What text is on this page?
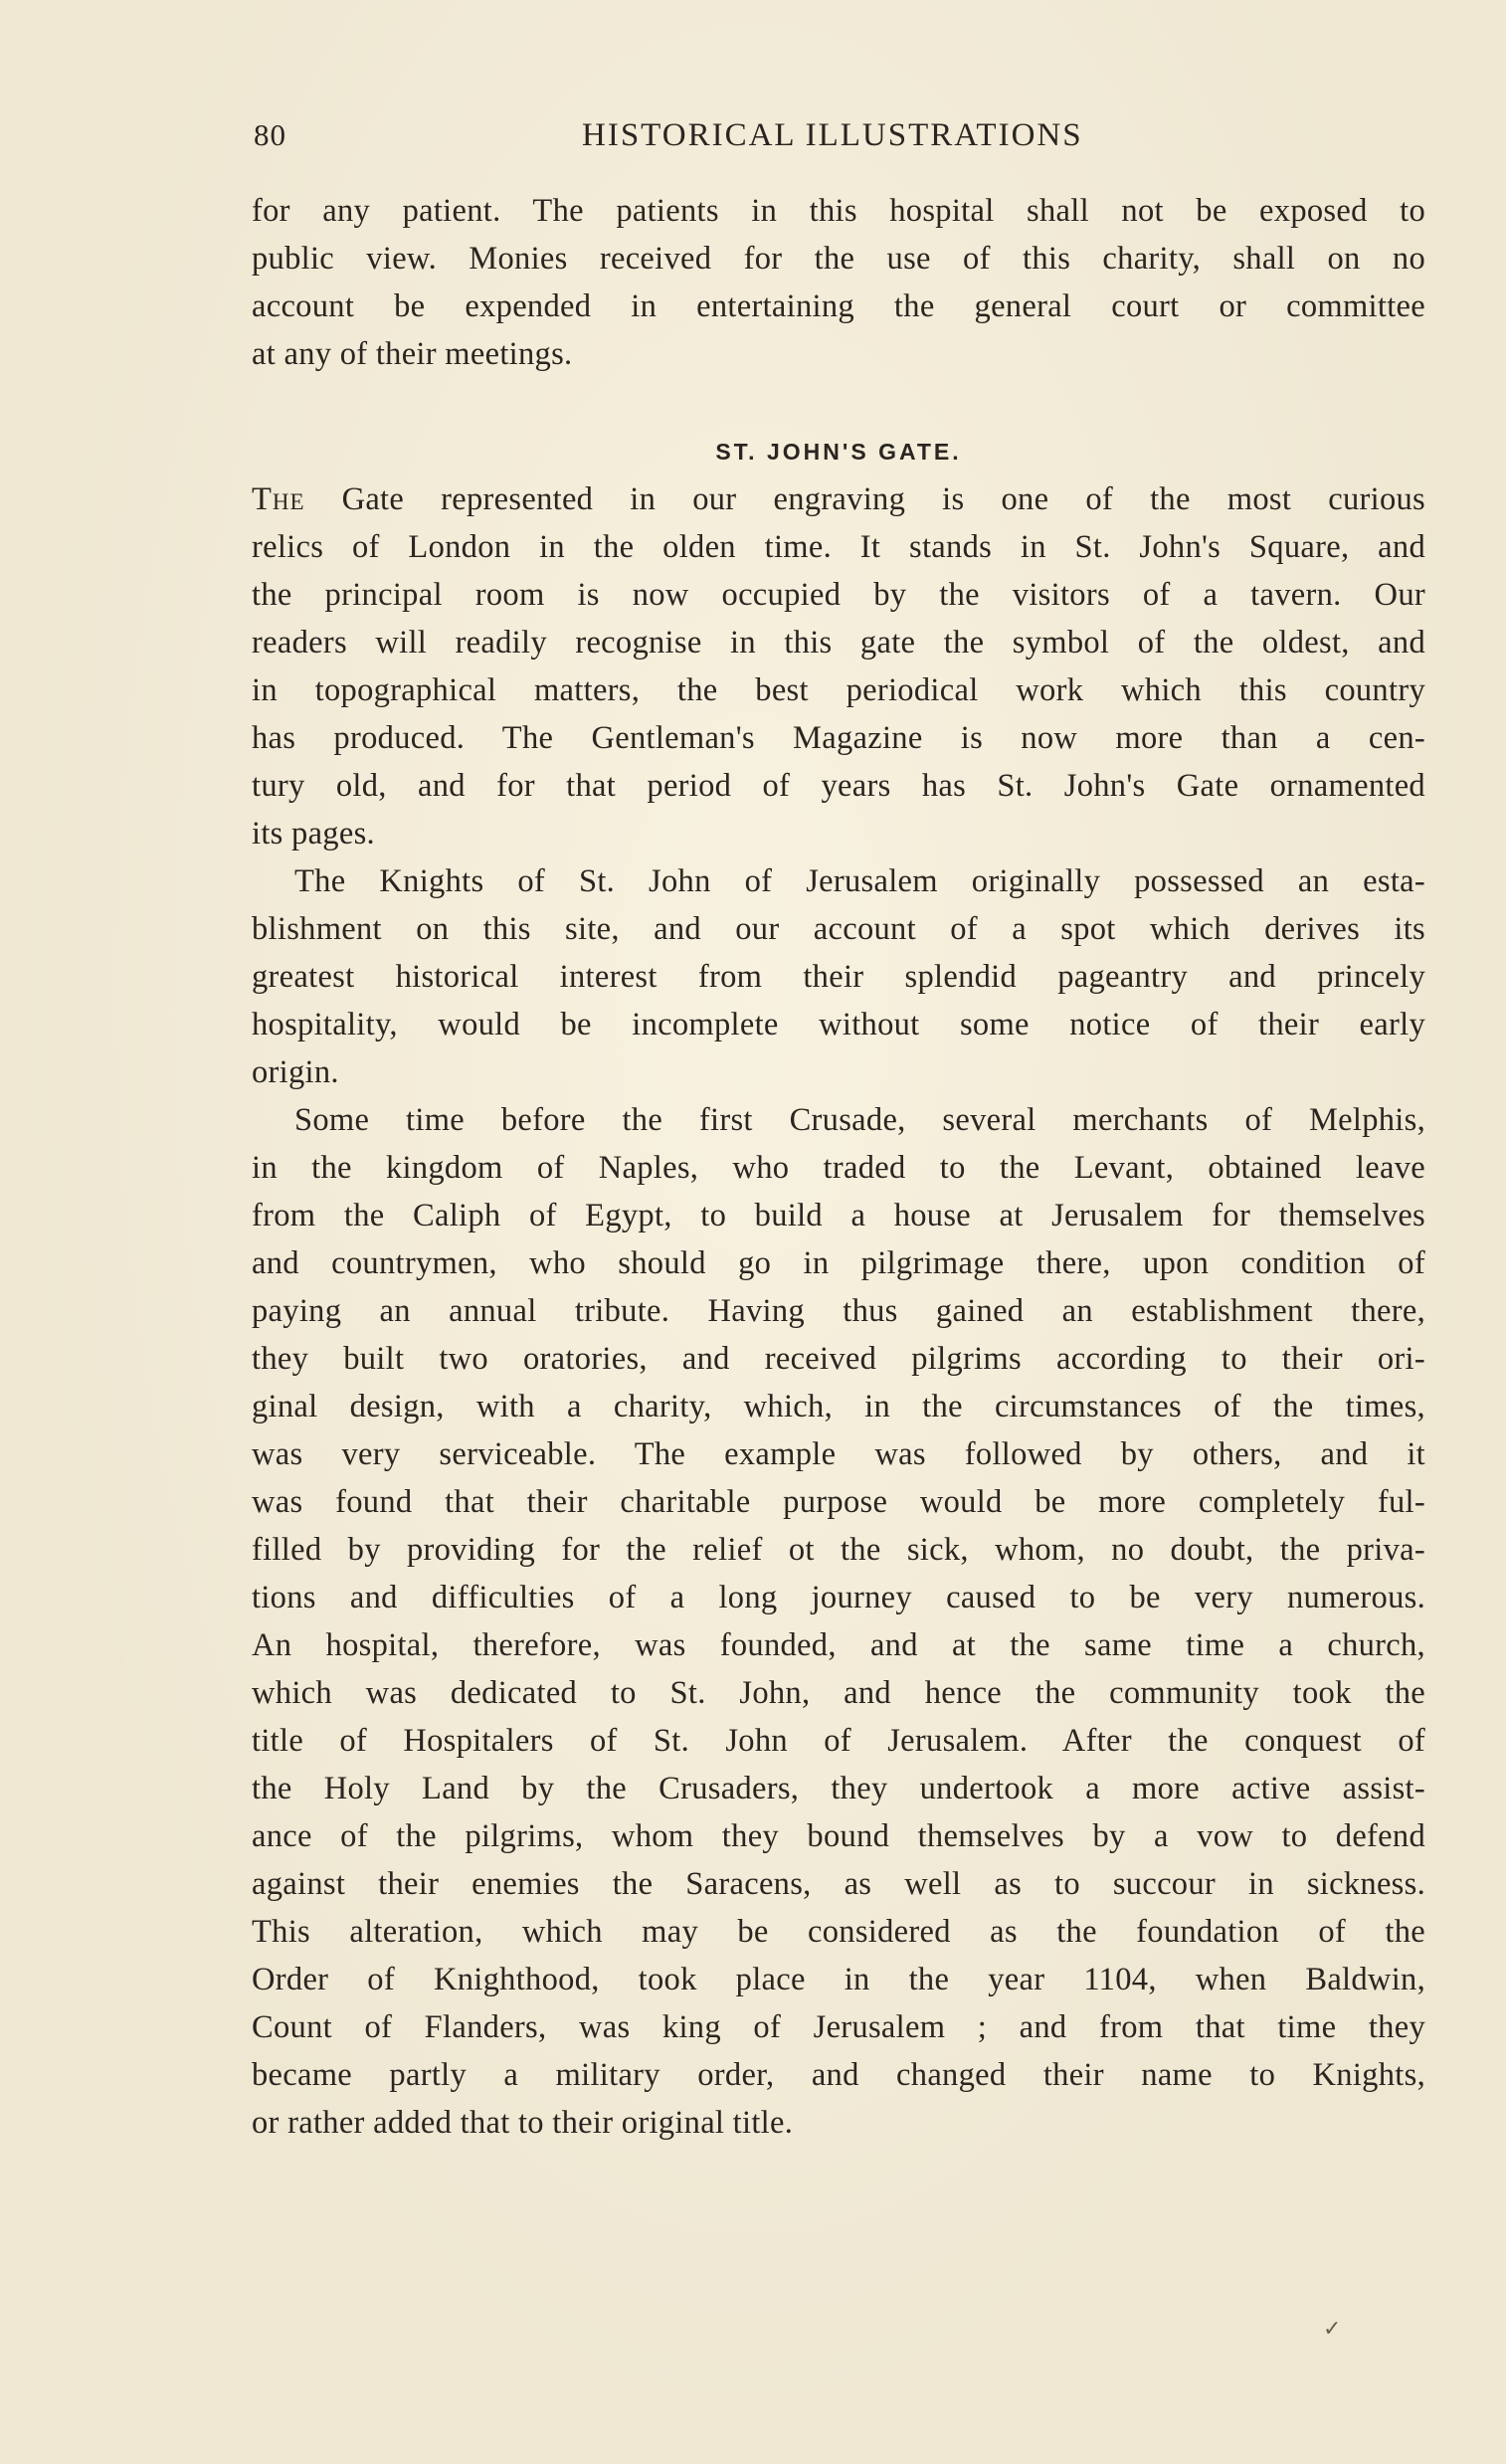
80	HISTORICAL ILLUSTRATIONS
for any patient. The patients in this hospital shall not be exposed to
public view. Monies received for the use of this charity, shall on no
account be expended in entertaining the general court or committee
at any of their meetings.
ST. JOHN'S GATE.
The Gate represented in our engraving is one of the most curious
relics of London in the olden time. It stands in St. John's Square, and
the principal room is now occupied by the visitors of a tavern. Our
readers will readily recognise in this gate the symbol of the oldest, and
in topographical matters, the best periodical work which this country
has produced. The Gentleman's Magazine is now more than a cen-
tury old, and for that period of years has St. John's Gate ornamented
its pages.
The Knights of St. John of Jerusalem originally possessed an esta-
blishment on this site, and our account of a spot which derives its
greatest historical interest from their splendid pageantry and princely
hospitality, would be incomplete without some notice of their early
origin.
Some time before the first Crusade, several merchants of Melphis,
in the kingdom of Naples, who traded to the Levant, obtained leave
from the Caliph of Egypt, to build a house at Jerusalem for themselves
and countrymen, who should go in pilgrimage there, upon condition of
paying an annual tribute. Having thus gained an establishment there,
they built two oratories, and received pilgrims according to their ori-
ginal design, with a charity, which, in the circumstances of the times,
was very serviceable. The example was followed by others, and it
was found that their charitable purpose would be more completely ful-
filled by providing for the relief ot the sick, whom, no doubt, the priva-
tions and difficulties of a long journey caused to be very numerous.
An hospital, therefore, was founded, and at the same time a church,
which was dedicated to St. John, and hence the community took the
title of Hospitalers of St. John of Jerusalem. After the conquest of
the Holy Land by the Crusaders, they undertook a more active assist-
ance of the pilgrims, whom they bound themselves by a vow to defend
against their enemies the Saracens, as well as to succour in sickness.
This alteration, which may be considered as the foundation of the
Order of Knighthood, took place in the year 1104, when Baldwin,
Count of Flanders, was king of Jerusalem ; and from that time they
became partly a military order, and changed their name to Knights,
or rather added that to their original title.
✓
